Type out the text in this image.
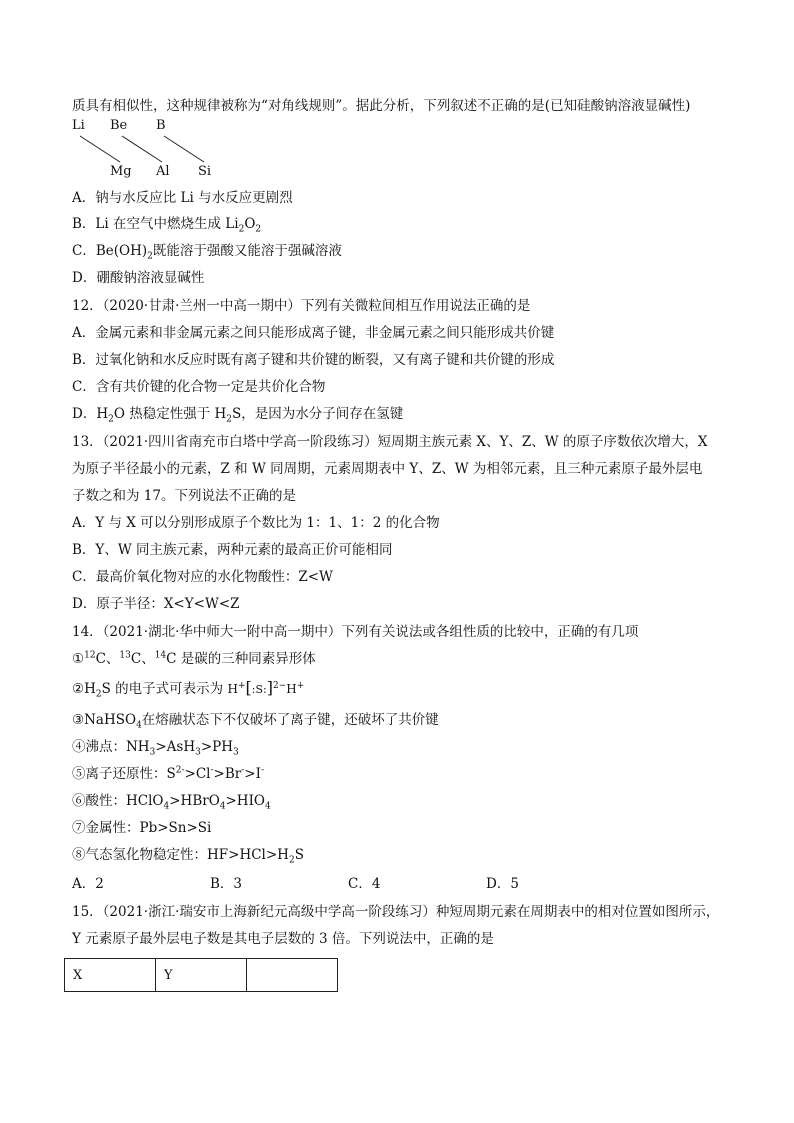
质具有相似性，这种规律被称为“对角线规则”。据此分析，下列叙述不正确的是(已知硅酸钠溶液显碱性)
Li Be B
Mg Al Si
A．钠与水反应比 Li 与水反应更剧烈
B．Li 在空气中燃烧生成 $Li_2O_2$
C．$Be(OH)_2$既能溶于强酸又能溶于强碱溶液
D．硼酸钠溶液显碱性
12．（2020·甘肃·兰州一中高一期中）下列有关微粒间相互作用说法正确的是
A．金属元素和非金属元素之间只能形成离子键，非金属元素之间只能形成共价键
B．过氧化钠和水反应时既有离子键和共价键的断裂，又有离子键和共价键的形成
C．含有共价键的化合物一定是共价化合物
D．$H_2O$ 热稳定性强于 $H_2S$，是因为水分子间存在氢键
13．（2021·四川省南充市白塔中学高一阶段练习）短周期主族元素 X、Y、Z、W 的原子序数依次增大，X
为原子半径最小的元素，Z 和 W 同周期，元素周期表中 Y、Z、W 为相邻元素，且三种元素原子最外层电
子数之和为 17。下列说法不正确的是
A．Y 与 X 可以分别形成原子个数比为 1：1、1：2 的化合物
B．Y、W 同主族元素，两种元素的最高正价可能相同
C．最高价氧化物对应的水化物酸性：Z<W
D．原子半径：X<Y<W<Z
14．（2021·湖北·华中师大一附中高一期中）下列有关说法或各组性质的比较中，正确的有几项
①$^{12}$C、$^{13}$C、$^{14}$C 是碳的三种同素异形体
$②H_2S$ 的电子式可表示为 H+[:S:]$^{2-}$H+
③NaHSO$_4$在熔融状态下不仅破坏了离子键，还破坏了共价键
④沸点：$NH_3>AsH_3>PH_3$
⑤离子还原性：$S^{2-}>Cl^->Br^->I^-$
⑥酸性：$HClO_4>HBrO_4>HIO_4$
⑦金属性：Pb>Sn>Si
⑧气态氢化物稳定性：$HF>HCl>H_2S$
A．2	B．3	C．4	D．5
15．（2021·浙江·瑞安市上海新纪元高级中学高一阶段练习）种短周期元素在周期表中的相对位置如图所示，
Y 元素原子最外层电子数是其电子层数的 3 倍。下列说法中，正确的是
X	Y	
